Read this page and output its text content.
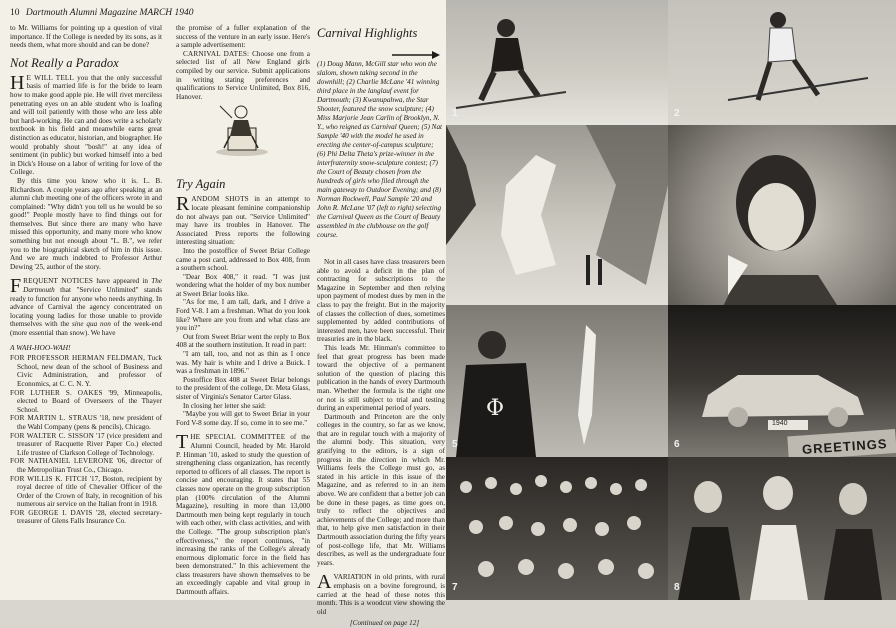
10 Dartmouth Alumni Magazine MARCH 1940

to Mr. Williams for pointing up a question of vital importance. If the College is needed by its sons, as it needs them, what more should and can be done?

Not Really a Paradox

H E WILL TELL you that the only successful basis of married life is for the bride to learn how to make good apple pie. He will rivet merciless penetrating eyes on an able student who is loafing and will toil patiently with those who are less able but hard-working. He can and does write a scholarly textbook in his field and meanwhile earns great distinction as educator, historian, and biographer. He would probably shout "bosh!" at any idea of sentiment (in public) but worked himself into a bed in Dick's House on a labor of writing for love of the College.

By this time you know who it is. L. B. Richardson. A couple years ago after speaking at an alumni club meeting one of the officers wrote in and complained: "Why didn't you tell us he would be so good!" People mostly have to find things out for themselves. But since there are many who have missed this opportunity, and many more who know something but not enough about "L. B.", we refer you to the biographical sketch of him in this issue. And we are much indebted to Professor Arthur Dewing '25, author of the story.

FREQUENT NOTICES have appeared in The Dartmouth that "Service Unlimited" stands ready to function for anyone who needs anything. In advance of Carnival the agency concentrated on locating young ladies for those unable to provide themselves with the sine qua non of the week-end (more essential than snow). We have

A WAH-HOO-WAH!

FOR PROFESSOR HERMAN FELDMAN, Tuck School, new dean of the school of Business and Civic Administration, and professor of Economics, at C. C. N. Y.

FOR LUTHER S. OAKES '99, Minneapolis, elected to Board of Overseers of the Thayer School.

FOR MARTIN L. STRAUS '18, new president of the Wahl Company (pens & pencils), Chicago.

FOR WALTER C. SISSON '17 (vice president and treasurer of Racquette River Paper Co.) elected Life trustee of Clarkson College of Technology.

FOR NATHANIEL LEVERONE '06, director of the Metropolitan Trust Co., Chicago.

FOR WILLIS K. FITCH '17, Boston, recipient by royal decree of title of Chevalier Officer of the Order of the Crown of Italy, in recognition of his numerous air service on the Italian front in 1918.

FOR GEORGE I. DAVIS '28, elected secretary-treasurer of Glens Falls Insurance Co.

the promise of a fuller explanation of the success of the venture in an early issue. Here's a sample advertisement:

CARNIVAL DATES: Choose one from a selected list of all New England girls compiled by our service. Submit applications in writing stating preferences and qualifications to Service Unlimited, Box 816, Hanover.

Try Again

RANDOM SHOTS in an attempt to locate pleasant feminine companionship do not always pan out. "Service Unlimited" may have its troubles in Hanover. The Associated Press reports the following interesting situation:

Into the postoffice of Sweet Briar College came a post card, addressed to Box 408, from a southern school.

"Dear Box 408," it read. "I was just wondering what the holder of my box number at Sweet Briar looks like.

"As for me, I am tall, dark, and I drive a Ford V-8. I am a freshman. What do you look like? Where are you from and what class are you in?"

Out from Sweet Briar went the reply to Box 408 at the southern institution. It read in part:

"I am tall, too, and not as thin as I once was. My hair is white and I drive a Buick. I was a freshman in 1896."

Postoffice Box 408 at Sweet Briar belongs to the president of the college, Dr. Meta Glass, sister of Virginia's Senator Carter Glass.

In closing her letter she said:

"Maybe you will get to Sweet Briar in your Ford V-8 some day. If so, come in to see me."

THE SPECIAL COMMITTEE of the Alumni Council, headed by Mr. Harold P. Hinman '10, asked to study the question of strengthening class organization, has recently reported to officers of all classes. The report is concise and encouraging. It states that 55 classes now operate on the group subscription plan (100% circulation of the Alumni Magazine), resulting in more than 13,000 Dartmouth men being kept regularly in touch with each other, with class activities, and with the College. "The group subscription plan's effectiveness," the report continues, "in increasing the ranks of the College's already enormous diplomatic force in the field has been demonstrated." In this achievement the class treasurers have shown themselves to be an exceedingly capable and vital group in Dartmouth affairs.

Carnival Highlights
(1) Doug Mann, McGill star who won the slalom, shown taking second in the downhill; (2) Charlie McLane '41 winning third place in the langlauf event for Dartmouth; (3) Kwanupahwa, the Star Shooter, featured the snow sculpture; (4) Miss Marjorie Jean Carlin of Brooklyn, N. Y., who reigned as Carnival Queen; (5) Nat Sample '40 with the model he used in erecting the center-of-campus sculpture; (6) Phi Delta Theta's prize-winner in the interfraternity snow-sculpture contest; (7) the Court of Beauty chosen from the hundreds of girls who filed through the main gateway to Outdoor Evening; and (8) Norman Rockwell, Paul Sample '20 and John R. McLane '07 (left to right) selecting the Carnival Queen as the Court of Beauty assembled in the clubhouse on the golf course.

Not in all cases have class treasurers been able to avoid a deficit in the plan of contracting for subscriptions to the Magazine in September and then relying upon payment of modest dues by men in the class to pay the freight. But in the majority of classes the collection of dues, sometimes supplemented by added contributions of interested men, have been successful. Their treasuries are in the black.

This leads Mr. Hinman's committee to feel that great progress has been made toward the objective of a permanent solution of the question of placing this publication in the hands of every Dartmouth man. Whether the formula is the right one or not is still subject to trial and testing during an experimental period of years.

Dartmouth and Princeton are the only colleges in the country, so far as we know, that are in regular touch with a majority of the alumni body. This situation, very gratifying to the editors, is a sign of progress in the direction in which Mr. Williams feels the College must go, as stated in his article in this issue of the Magazine, and as referred to in an item above. We are confident that a better job can be done in these pages, as time goes on, truly to reflect the objectives and achievements of the College; and more than that, to help give men satisfaction in their Dartmouth association during the fifty years of post-college life, that Mr. Williams describes, as well as the undergraduate four years.

A VARIATION in old prints, with rural emphasis on a bovine foreground, is carried at the head of these notes this month. This is a woodcut view showing the old

[Continued on page 12]

1	2
Φ
5
1940
GREETINGS
6
7	8
